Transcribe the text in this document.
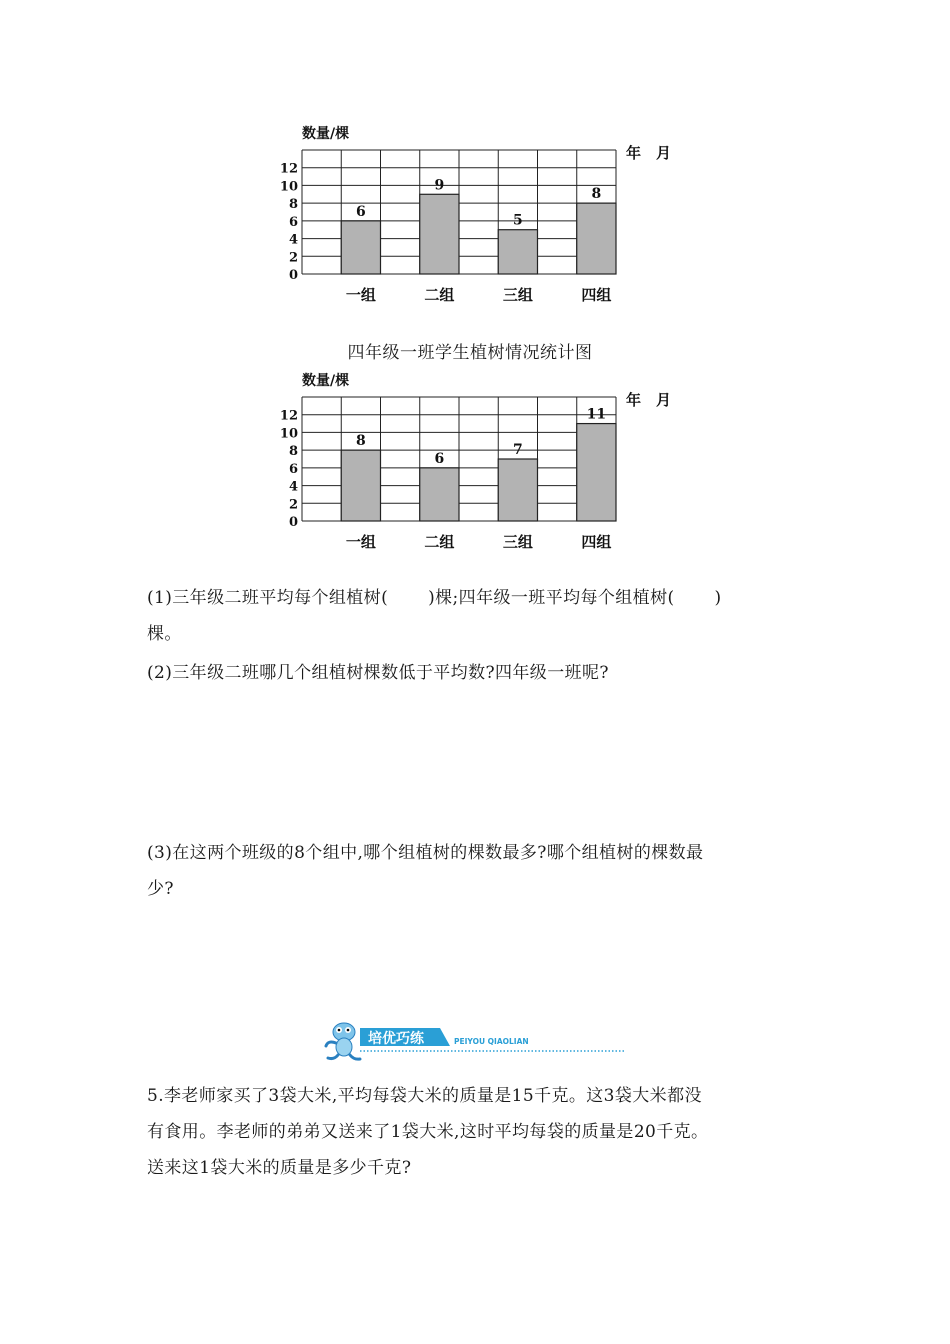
数量/棵
年　月
0
2
4
6
8
10
12
6
一组
9
二组
5
三组
8
四组
四年级一班学生植树情况统计图
数量/棵
年　月
0
2
4
6
8
10
12
8
一组
6
二组
7
三组
11
四组

(1)三年级二班平均每个组植树( )棵;四年级一班平均每个组植树( )

棵。

(2)三年级二班哪几个组植树棵数低于平均数?四年级一班呢?

(3)在这两个班级的8个组中,哪个组植树的棵数最多?哪个组植树的棵数最

少?

培优巧练	PEIYOU QIAOLIAN

5.李老师家买了3袋大米,平均每袋大米的质量是15千克。这3袋大米都没

有食用。李老师的弟弟又送来了1袋大米,这时平均每袋的质量是20千克。

送来这1袋大米的质量是多少千克?
